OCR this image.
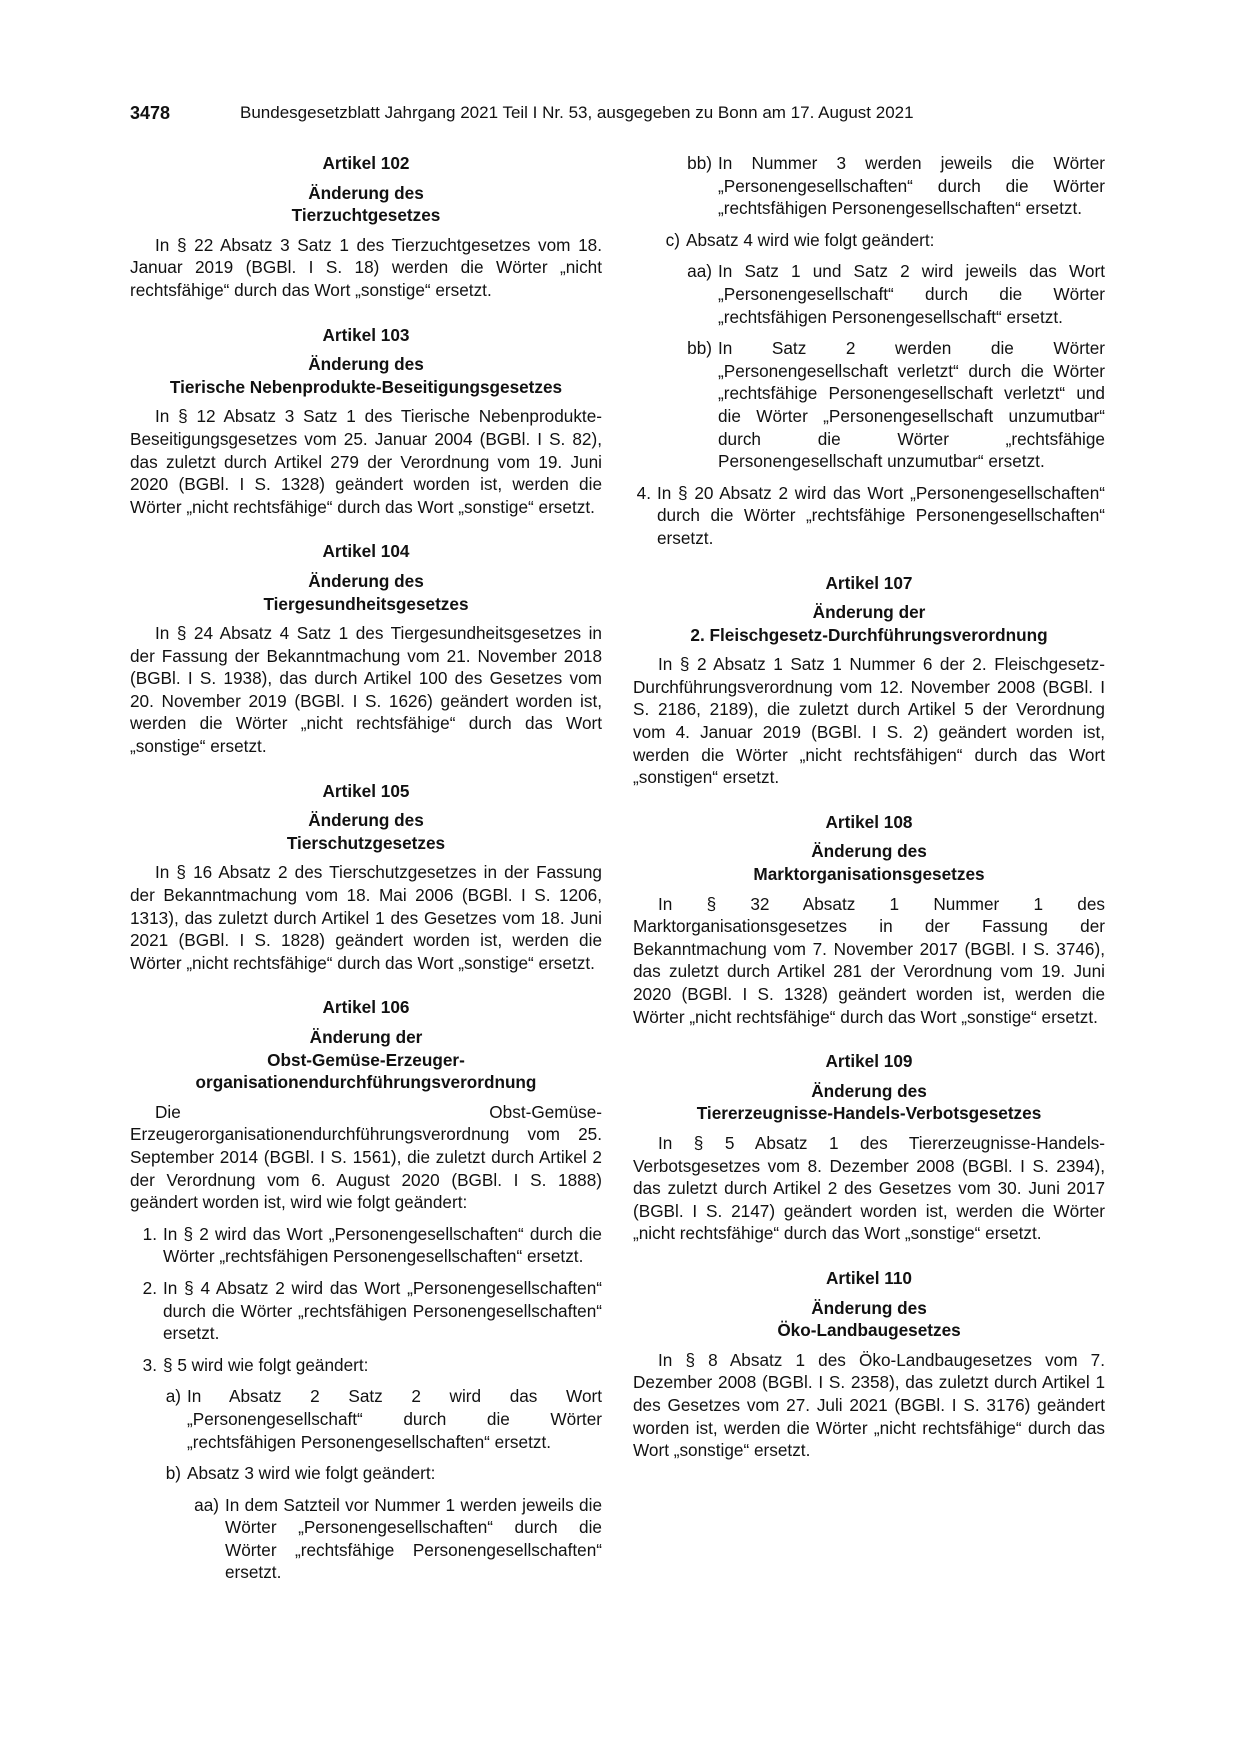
3478	Bundesgesetzblatt Jahrgang 2021 Teil I Nr. 53, ausgegeben zu Bonn am 17. August 2021
Artikel 102
Änderung des
Tierzuchtgesetzes

In § 22 Absatz 3 Satz 1 des Tierzuchtgesetzes vom 18. Januar 2019 (BGBl. I S. 18) werden die Wörter „nicht rechtsfähige“ durch das Wort „sonstige“ ersetzt.

Artikel 103
Änderung des
Tierische Nebenprodukte-Beseitigungsgesetzes

In § 12 Absatz 3 Satz 1 des Tierische Nebenprodukte-Beseitigungsgesetzes vom 25. Januar 2004 (BGBl. I S. 82), das zuletzt durch Artikel 279 der Verordnung vom 19. Juni 2020 (BGBl. I S. 1328) geändert worden ist, werden die Wörter „nicht rechtsfähige“ durch das Wort „sonstige“ ersetzt.

Artikel 104
Änderung des
Tiergesundheitsgesetzes

In § 24 Absatz 4 Satz 1 des Tiergesundheitsgesetzes in der Fassung der Bekanntmachung vom 21. November 2018 (BGBl. I S. 1938), das durch Artikel 100 des Gesetzes vom 20. November 2019 (BGBl. I S. 1626) geändert worden ist, werden die Wörter „nicht rechtsfähige“ durch das Wort „sonstige“ ersetzt.

Artikel 105
Änderung des
Tierschutzgesetzes

In § 16 Absatz 2 des Tierschutzgesetzes in der Fassung der Bekanntmachung vom 18. Mai 2006 (BGBl. I S. 1206, 1313), das zuletzt durch Artikel 1 des Gesetzes vom 18. Juni 2021 (BGBl. I S. 1828) geändert worden ist, werden die Wörter „nicht rechtsfähige“ durch das Wort „sonstige“ ersetzt.

Artikel 106
Änderung der
Obst-Gemüse-Erzeuger-
organisationendurchführungsverordnung

Die Obst-Gemüse-Erzeugerorganisationendurchführungsverordnung vom 25. September 2014 (BGBl. I S. 1561), die zuletzt durch Artikel 2 der Verordnung vom 6. August 2020 (BGBl. I S. 1888) geändert worden ist, wird wie folgt geändert:

1. In § 2 wird das Wort „Personengesellschaften“ durch die Wörter „rechtsfähigen Personengesellschaften“ ersetzt.
2. In § 4 Absatz 2 wird das Wort „Personengesellschaften“ durch die Wörter „rechtsfähigen Personengesellschaften“ ersetzt.
3. § 5 wird wie folgt geändert:
a) In Absatz 2 Satz 2 wird das Wort „Personengesellschaft“ durch die Wörter „rechtsfähigen Personengesellschaften“ ersetzt.
b) Absatz 3 wird wie folgt geändert:
aa) In dem Satzteil vor Nummer 1 werden jeweils die Wörter „Personengesellschaften“ durch die Wörter „rechtsfähige Personengesellschaften“ ersetzt.
bb) In Nummer 3 werden jeweils die Wörter „Personengesellschaften“ durch die Wörter „rechtsfähigen Personengesellschaften“ ersetzt.
c) Absatz 4 wird wie folgt geändert:
aa) In Satz 1 und Satz 2 wird jeweils das Wort „Personengesellschaft“ durch die Wörter „rechtsfähigen Personengesellschaft“ ersetzt.
bb) In Satz 2 werden die Wörter „Personengesellschaft verletzt“ durch die Wörter „rechtsfähige Personengesellschaft verletzt“ und die Wörter „Personengesellschaft unzumutbar“ durch die Wörter „rechtsfähige Personengesellschaft unzumutbar“ ersetzt.
4. In § 20 Absatz 2 wird das Wort „Personengesellschaften“ durch die Wörter „rechtsfähige Personengesellschaften“ ersetzt.
Artikel 107
Änderung der
2. Fleischgesetz-Durchführungsverordnung

In § 2 Absatz 1 Satz 1 Nummer 6 der 2. Fleischgesetz-Durchführungsverordnung vom 12. November 2008 (BGBl. I S. 2186, 2189), die zuletzt durch Artikel 5 der Verordnung vom 4. Januar 2019 (BGBl. I S. 2) geändert worden ist, werden die Wörter „nicht rechtsfähigen“ durch das Wort „sonstigen“ ersetzt.

Artikel 108
Änderung des
Marktorganisationsgesetzes

In § 32 Absatz 1 Nummer 1 des Marktorganisationsgesetzes in der Fassung der Bekanntmachung vom 7. November 2017 (BGBl. I S. 3746), das zuletzt durch Artikel 281 der Verordnung vom 19. Juni 2020 (BGBl. I S. 1328) geändert worden ist, werden die Wörter „nicht rechtsfähige“ durch das Wort „sonstige“ ersetzt.

Artikel 109
Änderung des
Tiererzeugnisse-Handels-Verbotsgesetzes

In § 5 Absatz 1 des Tiererzeugnisse-Handels-Verbotsgesetzes vom 8. Dezember 2008 (BGBl. I S. 2394), das zuletzt durch Artikel 2 des Gesetzes vom 30. Juni 2017 (BGBl. I S. 2147) geändert worden ist, werden die Wörter „nicht rechtsfähige“ durch das Wort „sonstige“ ersetzt.

Artikel 110
Änderung des
Öko-Landbaugesetzes

In § 8 Absatz 1 des Öko-Landbaugesetzes vom 7. Dezember 2008 (BGBl. I S. 2358), das zuletzt durch Artikel 1 des Gesetzes vom 27. Juli 2021 (BGBl. I S. 3176) geändert worden ist, werden die Wörter „nicht rechtsfähige“ durch das Wort „sonstige“ ersetzt.
